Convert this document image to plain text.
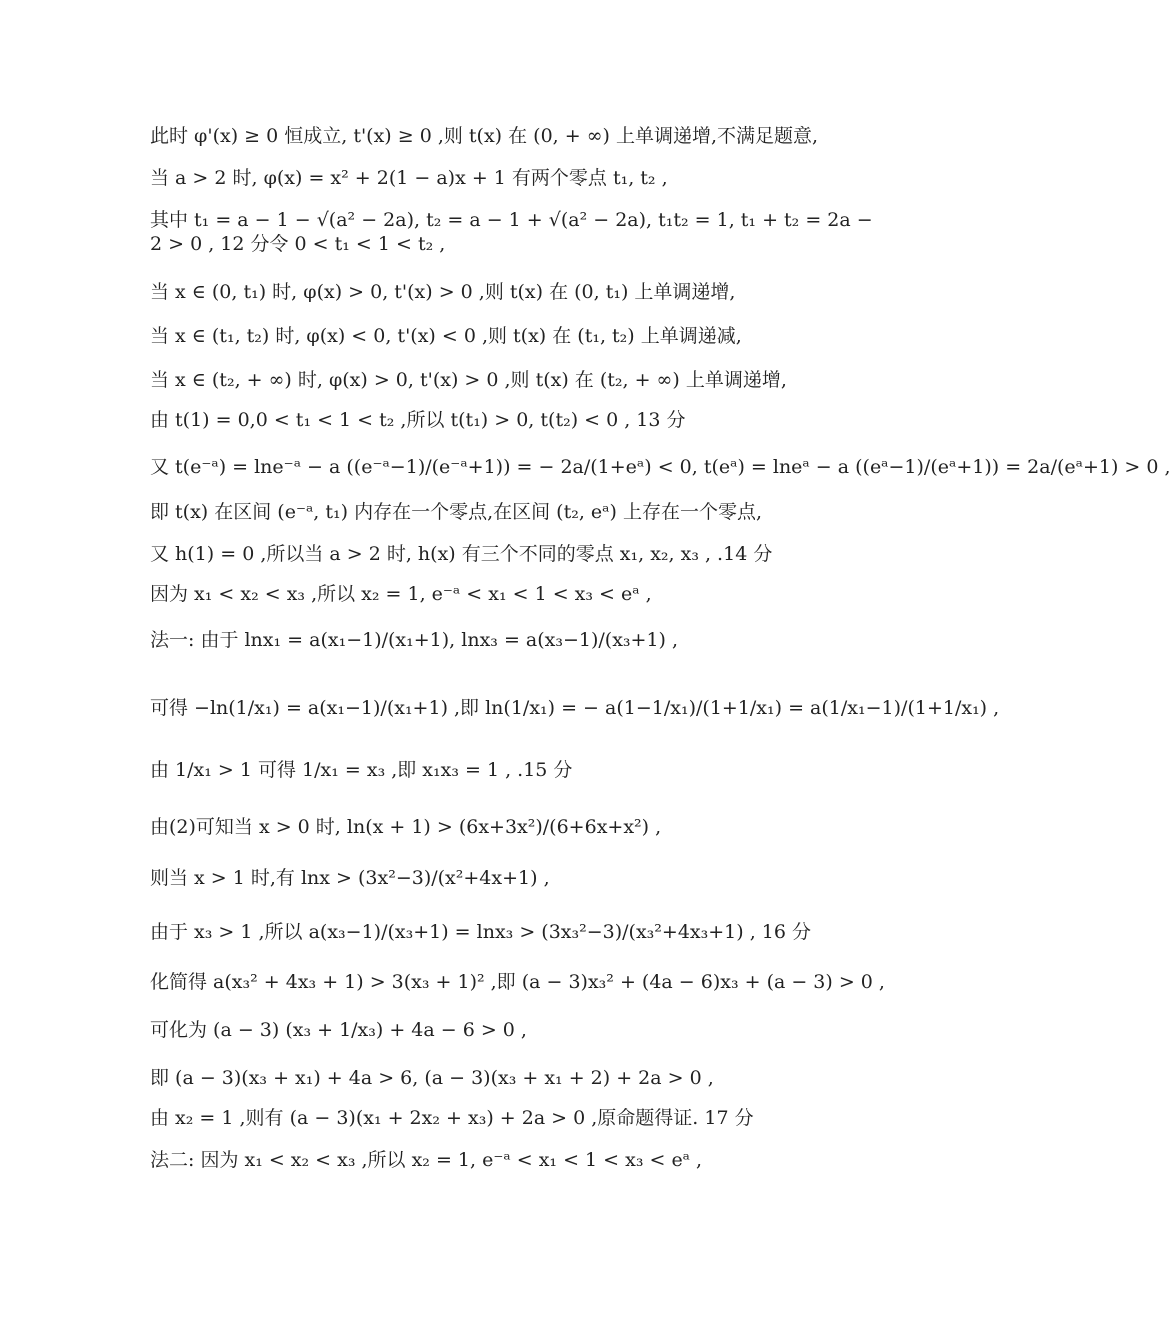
此时 φ'(x) ≥ 0 恒成立, t'(x) ≥ 0 ,则 t(x) 在 (0, + ∞) 上单调递增,不满足题意,
当 a > 2 时, φ(x) = x² + 2(1 − a)x + 1 有两个零点 t₁, t₂ ,
其中 t₁ = a − 1 − √(a² − 2a), t₂ = a − 1 + √(a² − 2a), t₁t₂ = 1, t₁ + t₂ = 2a − 2 > 0 , 12 分令 0 < t₁ < 1 < t₂ ,
当 x ∈ (0, t₁) 时, φ(x) > 0, t'(x) > 0 ,则 t(x) 在 (0, t₁) 上单调递增,
当 x ∈ (t₁, t₂) 时, φ(x) < 0, t'(x) < 0 ,则 t(x) 在 (t₁, t₂) 上单调递减,
当 x ∈ (t₂, + ∞) 时, φ(x) > 0, t'(x) > 0 ,则 t(x) 在 (t₂, + ∞) 上单调递增,
由 t(1) = 0,0 < t₁ < 1 < t₂ ,所以 t(t₁) > 0, t(t₂) < 0 , 13 分
又 t(e⁻ᵃ) = lne⁻ᵃ − a ((e⁻ᵃ−1)/(e⁻ᵃ+1)) = − 2a/(1+eᵃ) < 0, t(eᵃ) = lneᵃ − a ((eᵃ−1)/(eᵃ+1)) = 2a/(eᵃ+1) > 0 ,
即 t(x) 在区间 (e⁻ᵃ, t₁) 内存在一个零点,在区间 (t₂, eᵃ) 上存在一个零点,
又 h(1) = 0 ,所以当 a > 2 时, h(x) 有三个不同的零点 x₁, x₂, x₃ , .14 分
因为 x₁ < x₂ < x₃ ,所以 x₂ = 1, e⁻ᵃ < x₁ < 1 < x₃ < eᵃ ,
法一: 由于 lnx₁ = a(x₁−1)/(x₁+1), lnx₃ = a(x₃−1)/(x₃+1) ,
可得 −ln(1/x₁) = a(x₁−1)/(x₁+1) ,即 ln(1/x₁) = − a(1−1/x₁)/(1+1/x₁) = a(1/x₁−1)/(1+1/x₁) ,
由 1/x₁ > 1 可得 1/x₁ = x₃ ,即 x₁x₃ = 1 , .15 分
由(2)可知当 x > 0 时, ln(x + 1) > (6x+3x²)/(6+6x+x²) ,
则当 x > 1 时,有 lnx > (3x²−3)/(x²+4x+1) ,
由于 x₃ > 1 ,所以 a(x₃−1)/(x₃+1) = lnx₃ > (3x₃²−3)/(x₃²+4x₃+1) , 16 分
化简得 a(x₃² + 4x₃ + 1) > 3(x₃ + 1)² ,即 (a − 3)x₃² + (4a − 6)x₃ + (a − 3) > 0 ,
可化为 (a − 3) (x₃ + 1/x₃) + 4a − 6 > 0 ,
即 (a − 3)(x₃ + x₁) + 4a > 6, (a − 3)(x₃ + x₁ + 2) + 2a > 0 ,
由 x₂ = 1 ,则有 (a − 3)(x₁ + 2x₂ + x₃) + 2a > 0 ,原命题得证. 17 分
法二: 因为 x₁ < x₂ < x₃ ,所以 x₂ = 1, e⁻ᵃ < x₁ < 1 < x₃ < eᵃ ,
